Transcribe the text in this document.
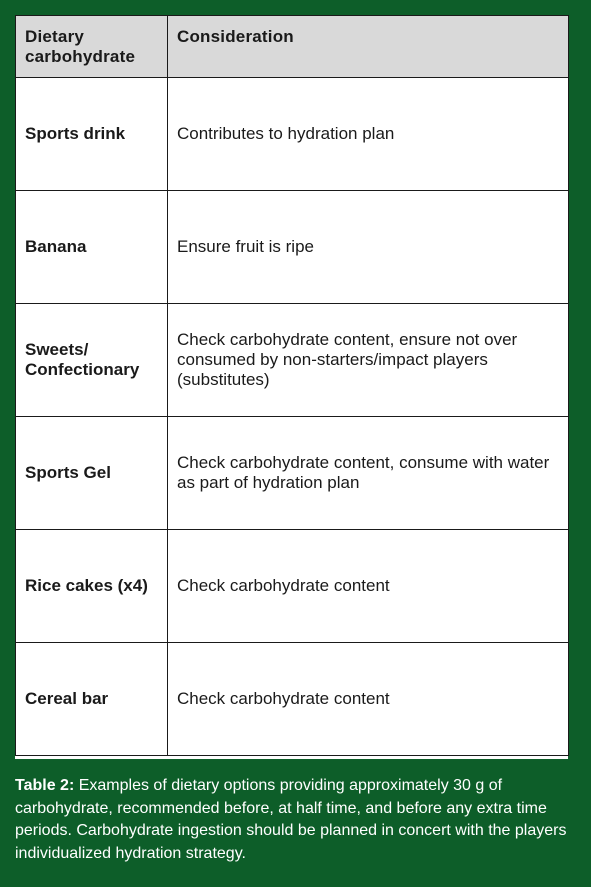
Dietary carbohydrate	Consideration
Sports drink	Contributes to hydration plan
Banana	Ensure fruit is ripe
Sweets/ Confectionary	Check carbohydrate content, ensure not over consumed by non-starters/impact players (substitutes)
Sports Gel	Check carbohydrate content, consume with water as part of hydration plan
Rice cakes (x4)	Check carbohydrate content
Cereal bar	Check carbohydrate content
Table 2: Examples of dietary options providing approximately 30 g of carbohydrate, recommended before, at half time, and before any extra time periods. Carbohydrate ingestion should be planned in concert with the players individualized hydration strategy.
